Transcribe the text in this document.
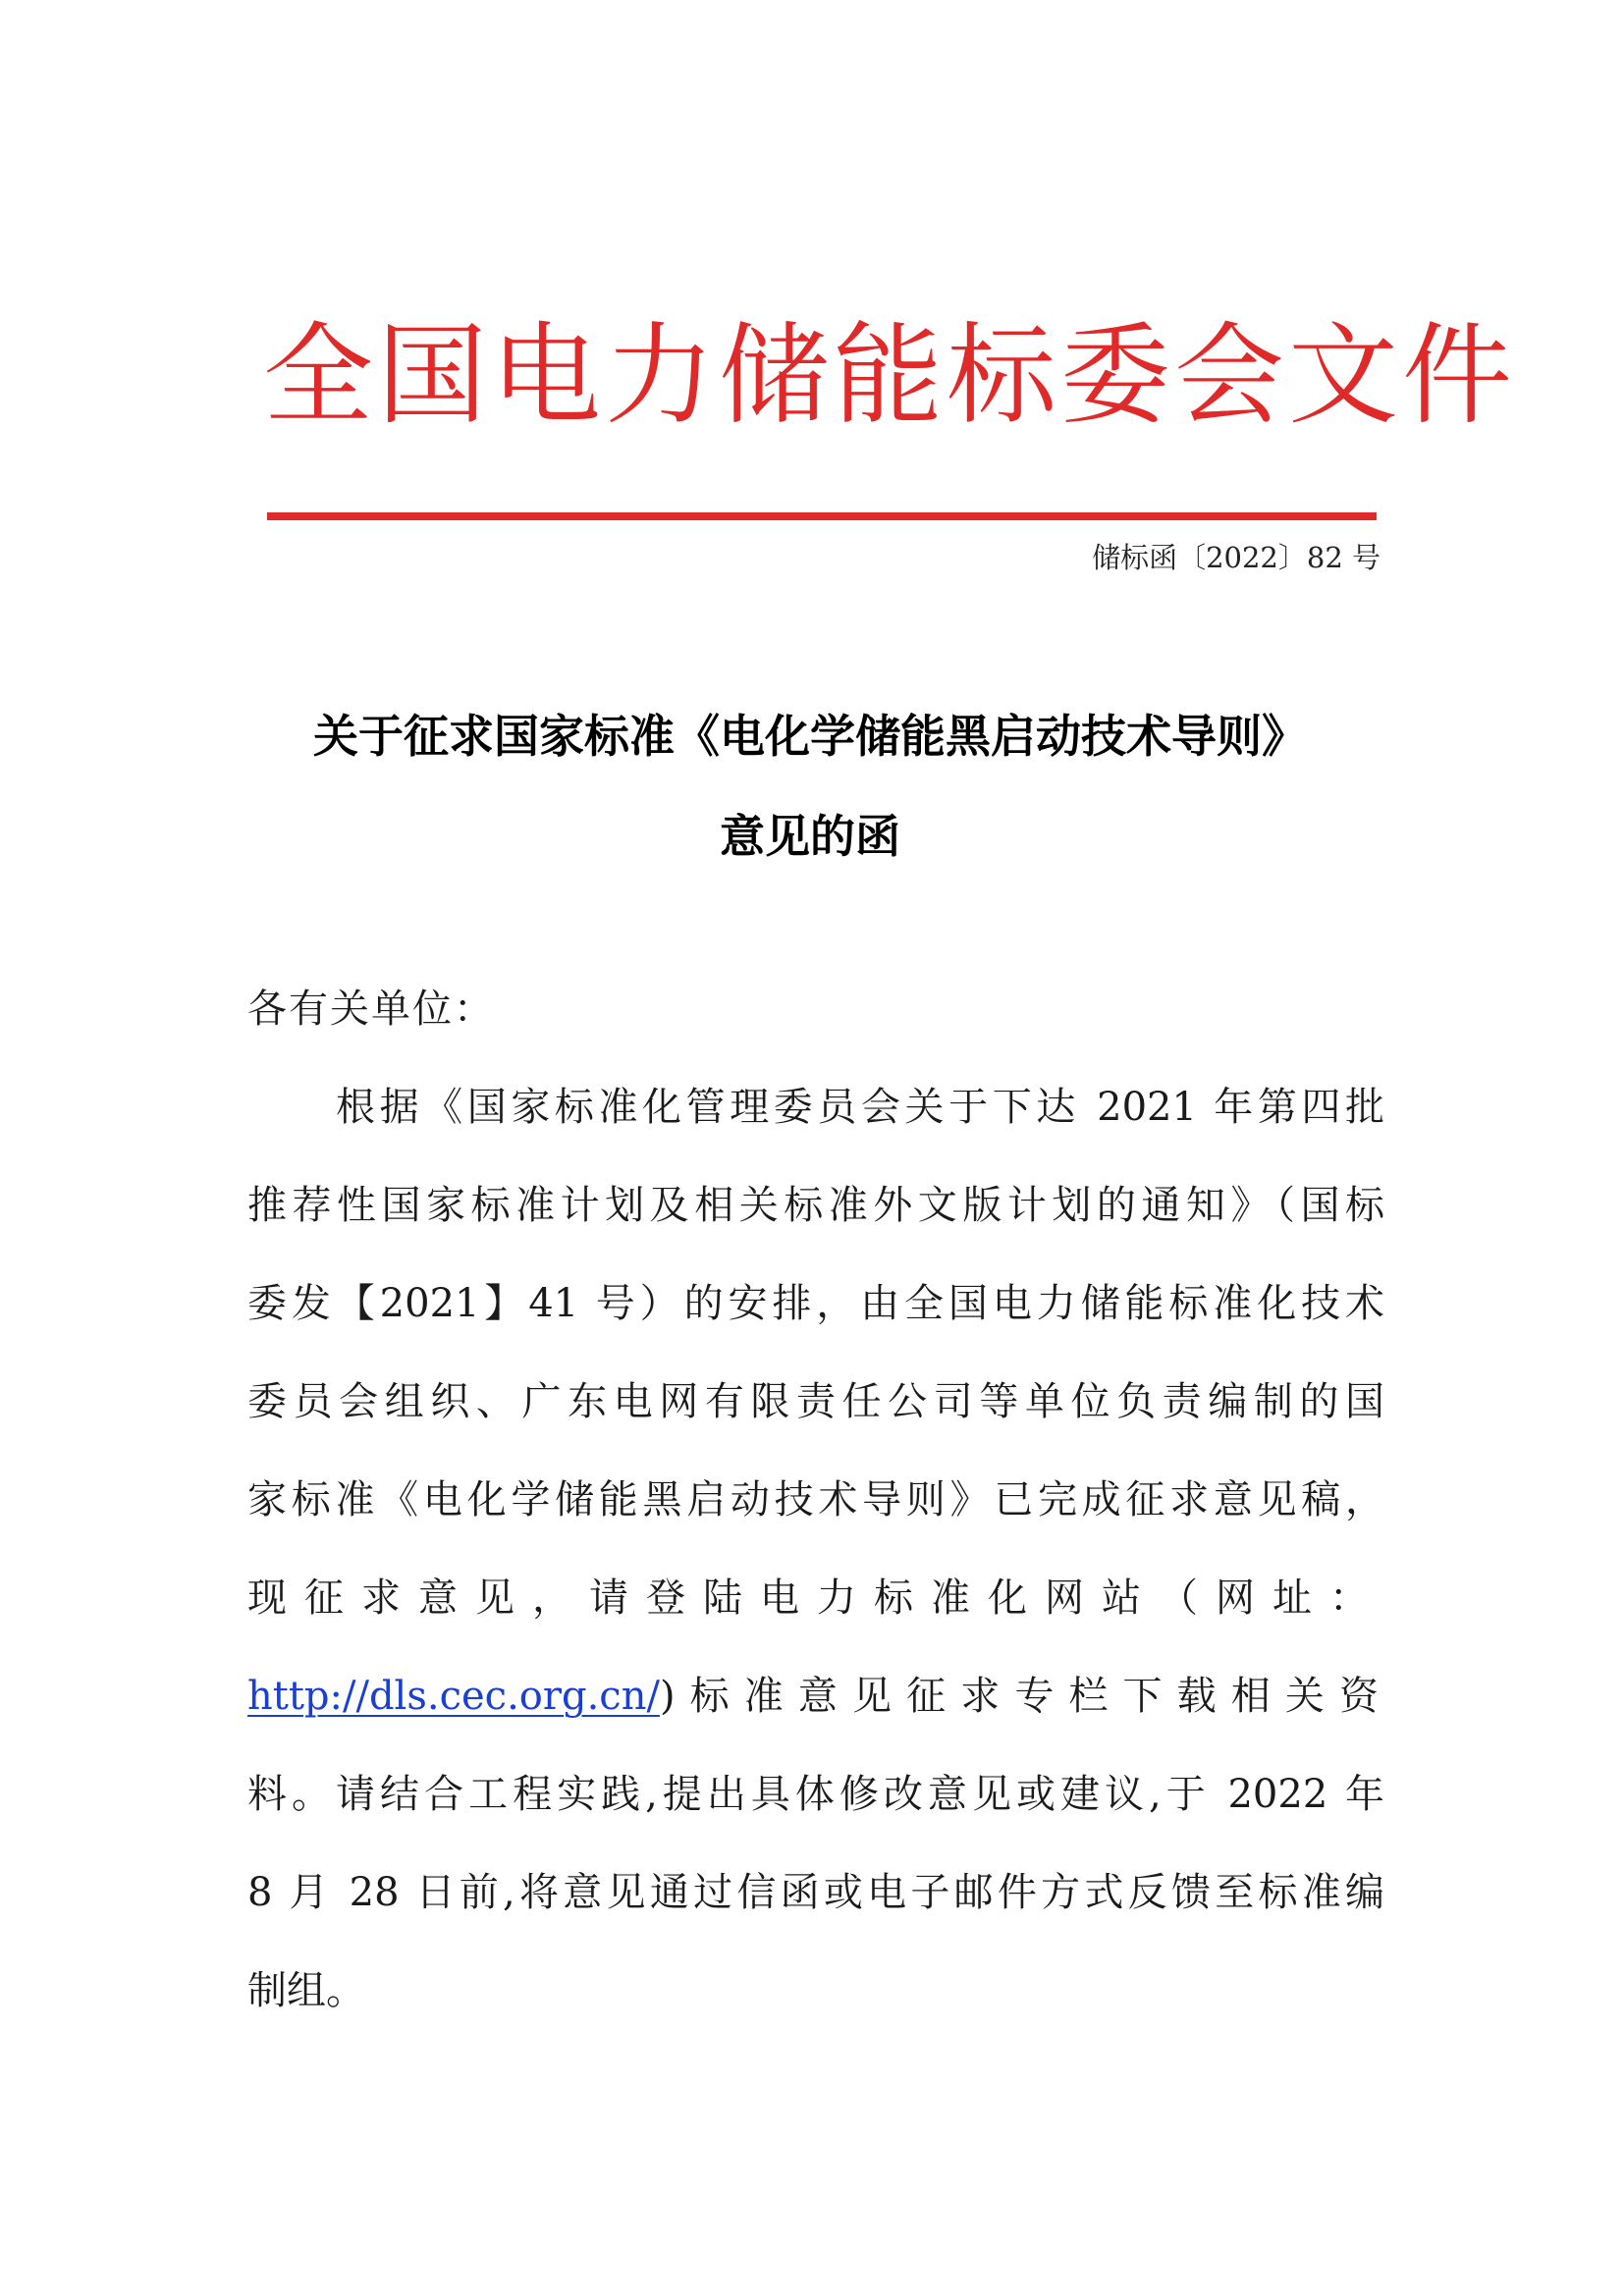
全国电力储能标委会文件
储标函〔2022〕82 号
关于征求国家标准《电化学储能黑启动技术导则》
意见的函
各有关单位：
根据《国家标准化管理委员会关于下达 2021 年第四批
推荐性国家标准计划及相关标准外文版计划的通知》（国标
委发【2021】41 号）的安排，由全国电力储能标准化技术
委员会组织、广东电网有限责任公司等单位负责编制的国
家标准《电化学储能黑启动技术导则》已完成征求意见稿，
现征求意见，请登陆电力标准化网站（网址：
http://dls.cec.org.cn/)标准意见征求专栏下载相关资
料。请结合工程实践,提出具体修改意见或建议,于 2022 年
8 月 28 日前,将意见通过信函或电子邮件方式反馈至标准编
制组。
